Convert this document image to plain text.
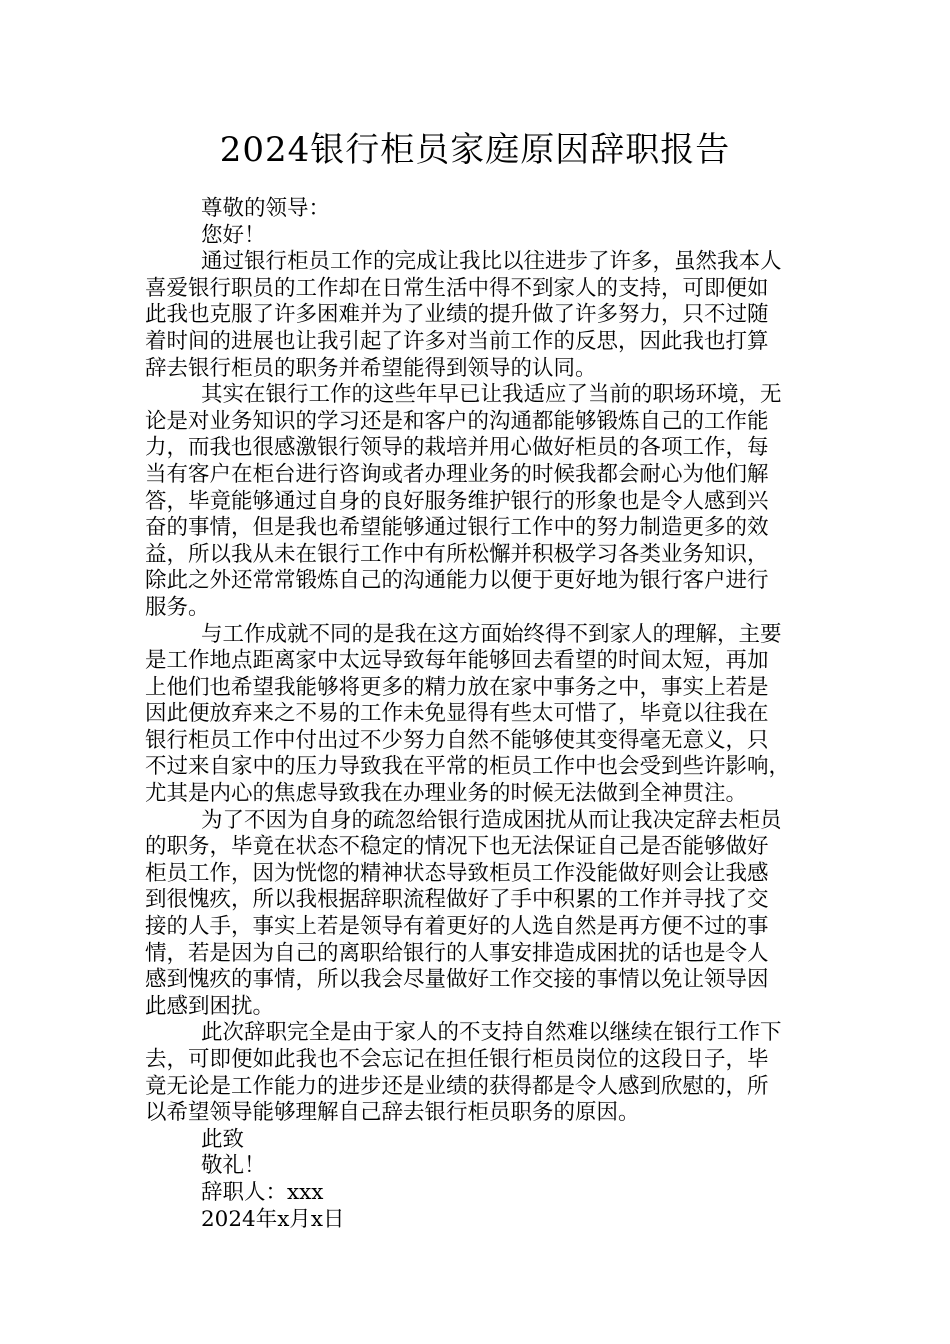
2024银行柜员家庭原因辞职报告
尊敬的领导：
您好！
通过银行柜员工作的完成让我比以往进步了许多，虽然我本人
喜爱银行职员的工作却在日常生活中得不到家人的支持，可即便如
此我也克服了许多困难并为了业绩的提升做了许多努力，只不过随
着时间的进展也让我引起了许多对当前工作的反思，因此我也打算
辞去银行柜员的职务并希望能得到领导的认同。
其实在银行工作的这些年早已让我适应了当前的职场环境，无
论是对业务知识的学习还是和客户的沟通都能够锻炼自己的工作能
力，而我也很感激银行领导的栽培并用心做好柜员的各项工作，每
当有客户在柜台进行咨询或者办理业务的时候我都会耐心为他们解
答，毕竟能够通过自身的良好服务维护银行的形象也是令人感到兴
奋的事情，但是我也希望能够通过银行工作中的努力制造更多的效
益，所以我从未在银行工作中有所松懈并积极学习各类业务知识，
除此之外还常常锻炼自己的沟通能力以便于更好地为银行客户进行
服务。
与工作成就不同的是我在这方面始终得不到家人的理解，主要
是工作地点距离家中太远导致每年能够回去看望的时间太短，再加
上他们也希望我能够将更多的精力放在家中事务之中，事实上若是
因此便放弃来之不易的工作未免显得有些太可惜了，毕竟以往我在
银行柜员工作中付出过不少努力自然不能够使其变得毫无意义，只
不过来自家中的压力导致我在平常的柜员工作中也会受到些许影响，
尤其是内心的焦虑导致我在办理业务的时候无法做到全神贯注。
为了不因为自身的疏忽给银行造成困扰从而让我决定辞去柜员
的职务，毕竟在状态不稳定的情况下也无法保证自己是否能够做好
柜员工作，因为恍惚的精神状态导致柜员工作没能做好则会让我感
到很愧疚，所以我根据辞职流程做好了手中积累的工作并寻找了交
接的人手，事实上若是领导有着更好的人选自然是再方便不过的事
情，若是因为自己的离职给银行的人事安排造成困扰的话也是令人
感到愧疚的事情，所以我会尽量做好工作交接的事情以免让领导因
此感到困扰。
此次辞职完全是由于家人的不支持自然难以继续在银行工作下
去，可即便如此我也不会忘记在担任银行柜员岗位的这段日子，毕
竟无论是工作能力的进步还是业绩的获得都是令人感到欣慰的，所
以希望领导能够理解自己辞去银行柜员职务的原因。
此致
敬礼！
辞职人：xxx
2024年x月x日
